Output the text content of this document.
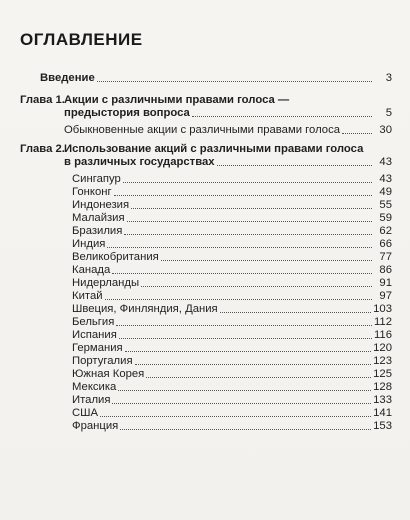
ОГЛАВЛЕНИЕ
Введение	3
Глава 1. Акции с различными правами голоса —
предыстория вопроса	5
Обыкновенные акции с различными правами голоса	30
Глава 2. Использование акций с различными правами голоса
в различных государствах	43
Сингапур	43
Гонконг	49
Индонезия	55
Малайзия	59
Бразилия	62
Индия	66
Великобритания	77
Канада	86
Нидерланды	91
Китай	97
Швеция, Финляндия, Дания	103
Бельгия	112
Испания	116
Германия	120
Португалия	123
Южная Корея	125
Мексика	128
Италия	133
США	141
Франция	153
